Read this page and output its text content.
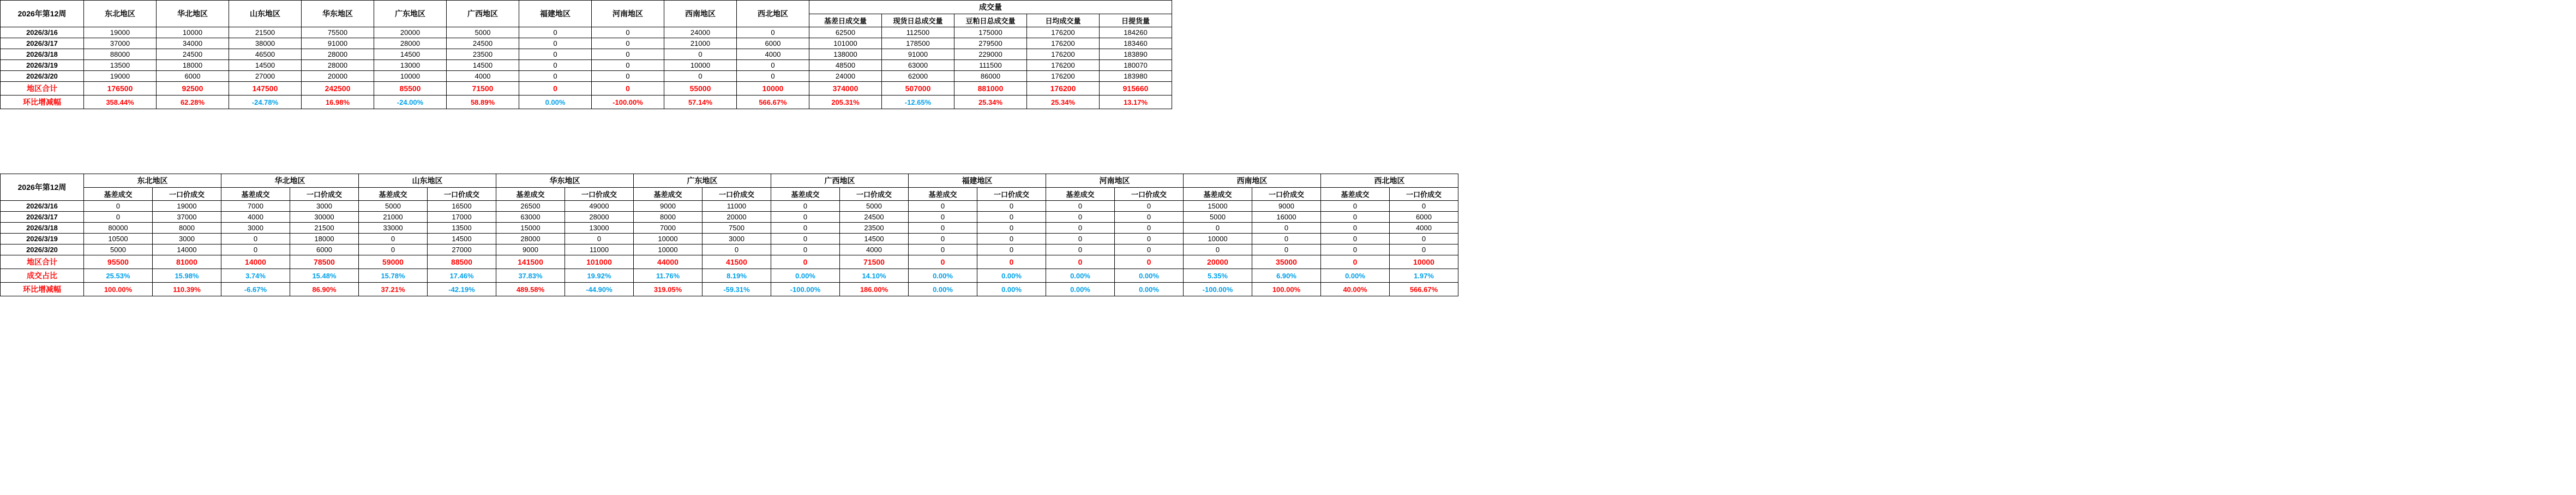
2026年第12周	东北地区	华北地区	山东地区	华东地区	广东地区	广西地区	福建地区	河南地区	西南地区	西北地区	成交量				
											基差日成交量	现货日总成交量	豆粕日总成交量	日均成交量	日提货量
2026/3/16	19000	10000	21500	75500	20000	5000	0	0	24000	0	62500	112500	175000	176200	184260
2026/3/17	37000	34000	38000	91000	28000	24500	0	0	21000	6000	101000	178500	279500	176200	183460
2026/3/18	88000	24500	46500	28000	14500	23500	0	0	0	4000	138000	91000	229000	176200	183890
2026/3/19	13500	18000	14500	28000	13000	14500	0	0	10000	0	48500	63000	111500	176200	180070
2026/3/20	19000	6000	27000	20000	10000	4000	0	0	0	0	24000	62000	86000	176200	183980
地区合计	176500	92500	147500	242500	85500	71500	0	0	55000	10000	374000	507000	881000	176200	915660
环比增减幅	358.44%	62.28%	-24.78%	16.98%	-24.00%	58.89%	0.00%	-100.00%	57.14%	566.67%	205.31%	-12.65%	25.34%	25.34%	13.17%
2026年第12周	东北地区		华北地区		山东地区		华东地区		广东地区		广西地区		福建地区		河南地区		西南地区		西北地区	
	基差成交	一口价成交	基差成交	一口价成交	基差成交	一口价成交	基差成交	一口价成交	基差成交	一口价成交	基差成交	一口价成交	基差成交	一口价成交	基差成交	一口价成交	基差成交	一口价成交	基差成交	一口价成交
2026/3/16	0	19000	7000	3000	5000	16500	26500	49000	9000	11000	0	5000	0	0	0	0	15000	9000	0	0
2026/3/17	0	37000	4000	30000	21000	17000	63000	28000	8000	20000	0	24500	0	0	0	0	5000	16000	0	6000
2026/3/18	80000	8000	3000	21500	33000	13500	15000	13000	7000	7500	0	23500	0	0	0	0	0	0	0	4000
2026/3/19	10500	3000	0	18000	0	14500	28000	0	10000	3000	0	14500	0	0	0	0	10000	0	0	0
2026/3/20	5000	14000	0	6000	0	27000	9000	11000	10000	0	0	4000	0	0	0	0	0	0	0	0
地区合计	95500	81000	14000	78500	59000	88500	141500	101000	44000	41500	0	71500	0	0	0	0	20000	35000	0	10000
成交占比	25.53%	15.98%	3.74%	15.48%	15.78%	17.46%	37.83%	19.92%	11.76%	8.19%	0.00%	14.10%	0.00%	0.00%	0.00%	0.00%	5.35%	6.90%	0.00%	1.97%
环比增减幅	100.00%	110.39%	-6.67%	86.90%	37.21%	-42.19%	489.58%	-44.90%	319.05%	-59.31%	-100.00%	186.00%	0.00%	0.00%	0.00%	0.00%	-100.00%	100.00%	40.00%	566.67%
